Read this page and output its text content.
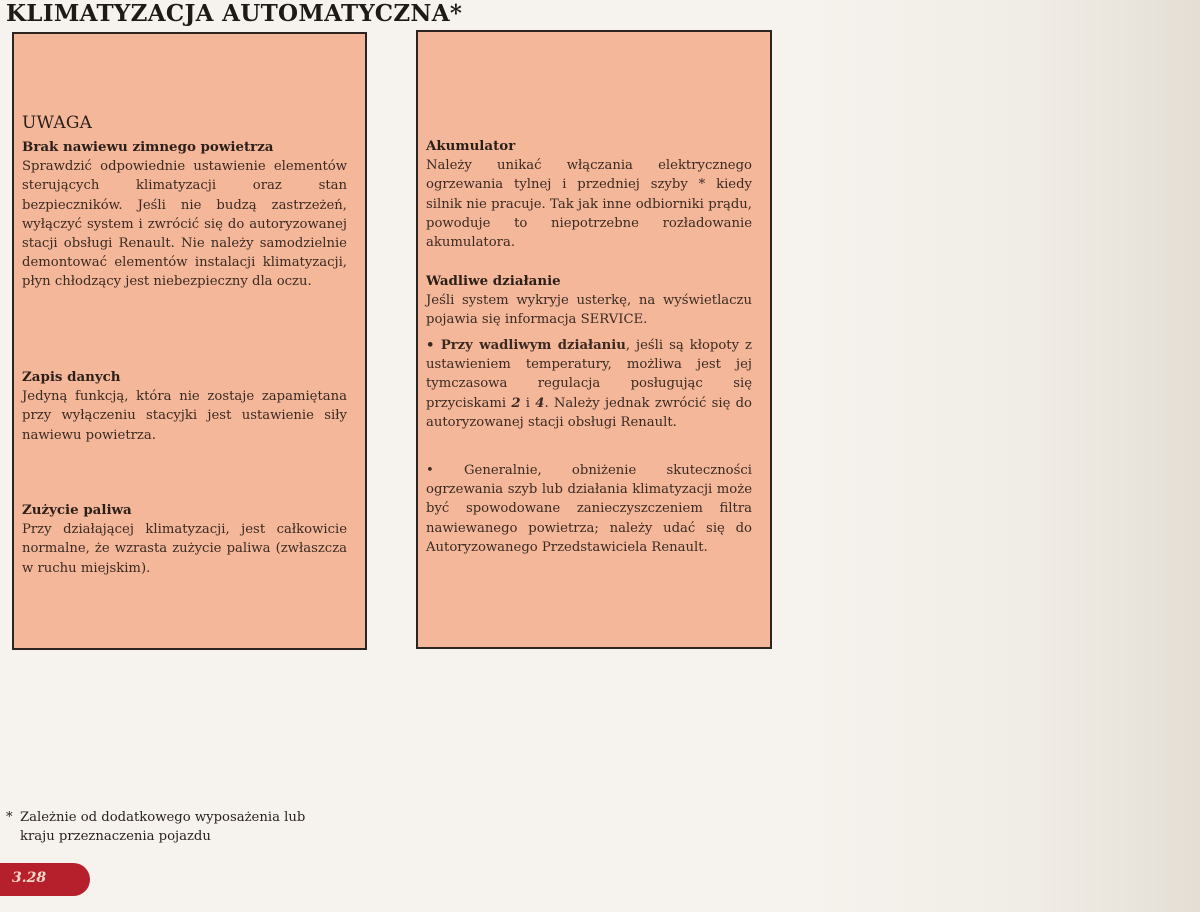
KLIMATYZACJA AUTOMATYCZNA*
UWAGA
Brak nawiewu zimnego powietrza

Sprawdzić odpowiednie ustawienie elementów sterujących klimatyzacji oraz stan bezpieczników. Jeśli nie budzą zastrzeżeń, wyłączyć system i zwrócić się do autoryzowanej stacji obsługi Renault. Nie należy samodzielnie demontować elementów instalacji klimatyzacji, płyn chłodzący jest niebezpieczny dla oczu.

Zapis danych

Jedyną funkcją, która nie zostaje zapamiętana przy wyłączeniu stacyjki jest ustawienie siły nawiewu powietrza.

Zużycie paliwa

Przy działającej klimatyzacji, jest całkowicie normalne, że wzrasta zużycie paliwa (zwłaszcza w ruchu miejskim).

Akumulator

Należy unikać włączania elektrycznego ogrzewania tylnej i przedniej szyby * kiedy silnik nie pracuje. Tak jak inne odbiorniki prądu, powoduje to niepotrzebne rozładowanie akumulatora.

Wadliwe działanie

Jeśli system wykryje usterkę, na wyświetlaczu pojawia się informacja SERVICE.

• Przy wadliwym działaniu, jeśli są kłopoty z ustawieniem temperatury, możliwa jest jej tymczasowa regulacja posługując się przyciskami 2 i 4. Należy jednak zwrócić się do autoryzowanej stacji obsługi Renault.

• Generalnie, obniżenie skuteczności ogrzewania szyb lub działania klimatyzacji może być spowodowane zanieczyszczeniem filtra nawiewanego powietrza; należy udać się do Autoryzowanego Przedstawiciela Renault.

* Zależnie od dodatkowego wyposażenia lub
kraju przeznaczenia pojazdu
3.28
